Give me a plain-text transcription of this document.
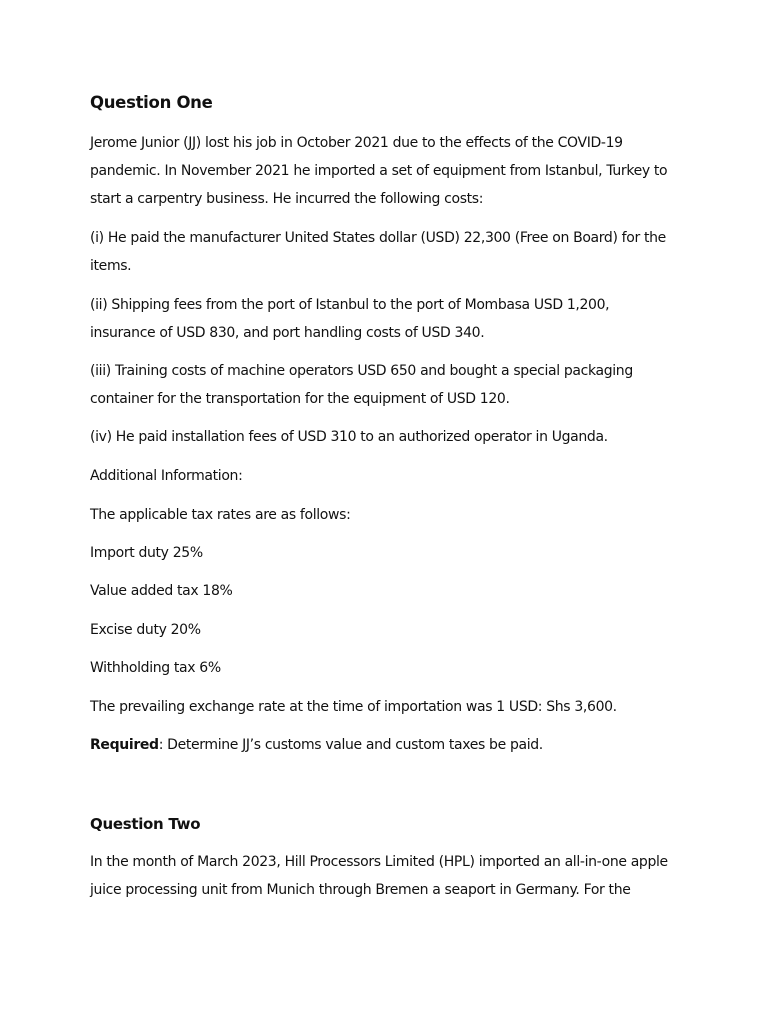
Question One
Jerome Junior (JJ) lost his job in October 2021 due to the effects of the COVID-19
pandemic. In November 2021 he imported a set of equipment from Istanbul, Turkey to
start a carpentry business. He incurred the following costs:
(i) He paid the manufacturer United States dollar (USD) 22,300 (Free on Board) for the
items.
(ii) Shipping fees from the port of Istanbul to the port of Mombasa USD 1,200,
insurance of USD 830, and port handling costs of USD 340.
(iii) Training costs of machine operators USD 650 and bought a special packaging
container for the transportation for the equipment of USD 120.
(iv) He paid installation fees of USD 310 to an authorized operator in Uganda.
Additional Information:
The applicable tax rates are as follows:
Import duty 25%
Value added tax 18%
Excise duty 20%
Withholding tax 6%
The prevailing exchange rate at the time of importation was 1 USD: Shs 3,600.
Required: Determine JJ’s customs value and custom taxes be paid.
Question Two
In the month of March 2023, Hill Processors Limited (HPL) imported an all-in-one apple
juice processing unit from Munich through Bremen a seaport in Germany. For the
